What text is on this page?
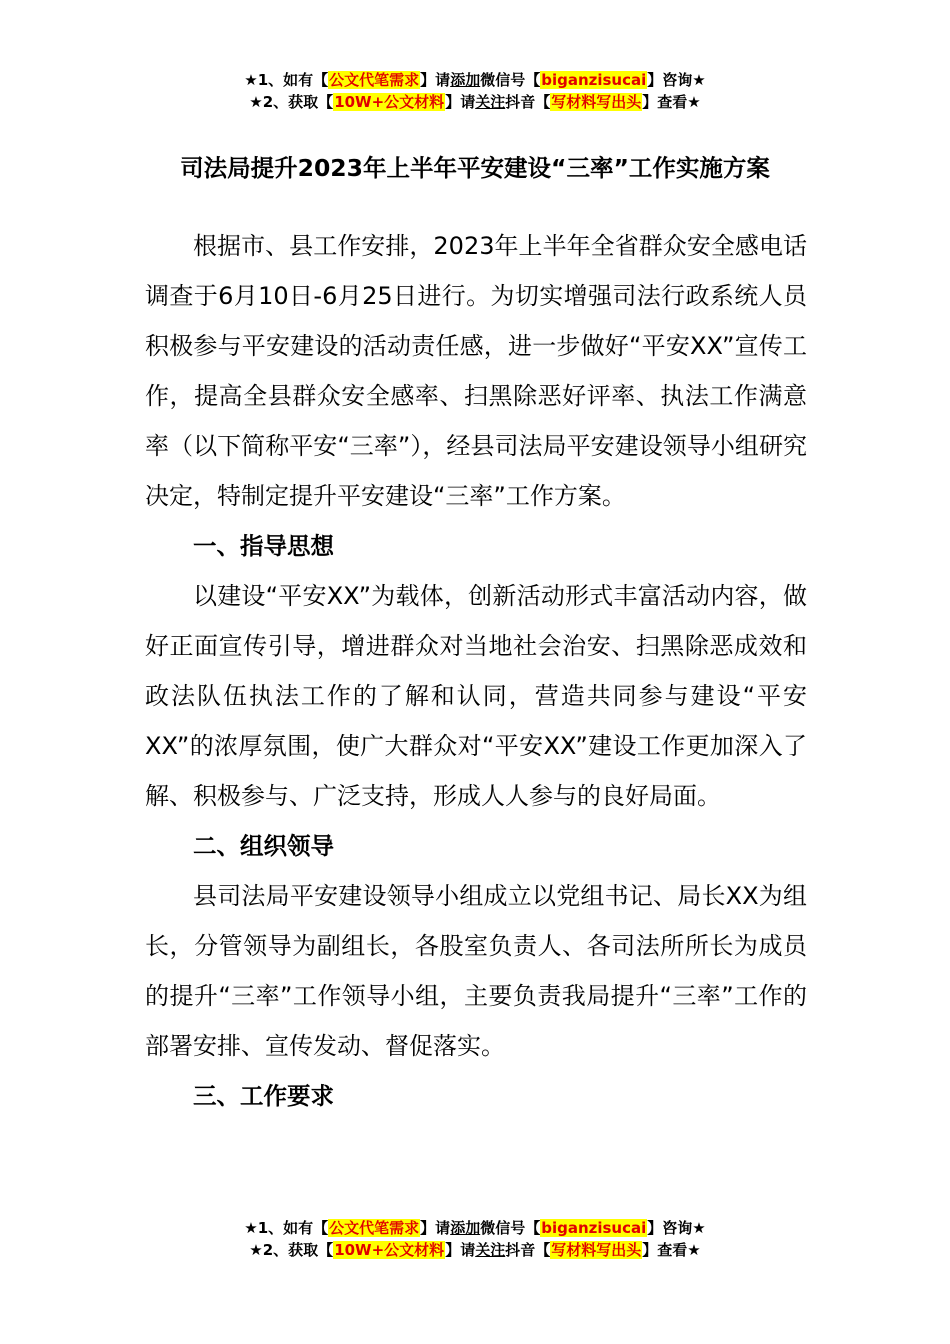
★1、如有【公文代笔需求】请添加微信号【biganzisucai】咨询★
★2、获取【10W+公文材料】请关注抖音【写材料写出头】查看★
司法局提升2023年上半年平安建设“三率”工作实施方案

根据市、县工作安排，2023年上半年全省群众安全感电话调查于6月10日-6月25日进行。为切实增强司法行政系统人员积极参与平安建设的活动责任感，进一步做好“平安XX”宣传工作，提高全县群众安全感率、扫黑除恶好评率、执法工作满意率（以下简称平安“三率”），经县司法局平安建设领导小组研究决定，特制定提升平安建设“三率”工作方案。

一、指导思想

以建设“平安XX”为载体，创新活动形式丰富活动内容，做好正面宣传引导，增进群众对当地社会治安、扫黑除恶成效和政法队伍执法工作的了解和认同，营造共同参与建设“平安XX”的浓厚氛围，使广大群众对“平安XX”建设工作更加深入了解、积极参与、广泛支持，形成人人参与的良好局面。

二、组织领导

县司法局平安建设领导小组成立以党组书记、局长XX为组长，分管领导为副组长，各股室负责人、各司法所所长为成员的提升“三率”工作领导小组，主要负责我局提升“三率”工作的部署安排、宣传发动、督促落实。

三、工作要求
★1、如有【公文代笔需求】请添加微信号【biganzisucai】咨询★
★2、获取【10W+公文材料】请关注抖音【写材料写出头】查看★
